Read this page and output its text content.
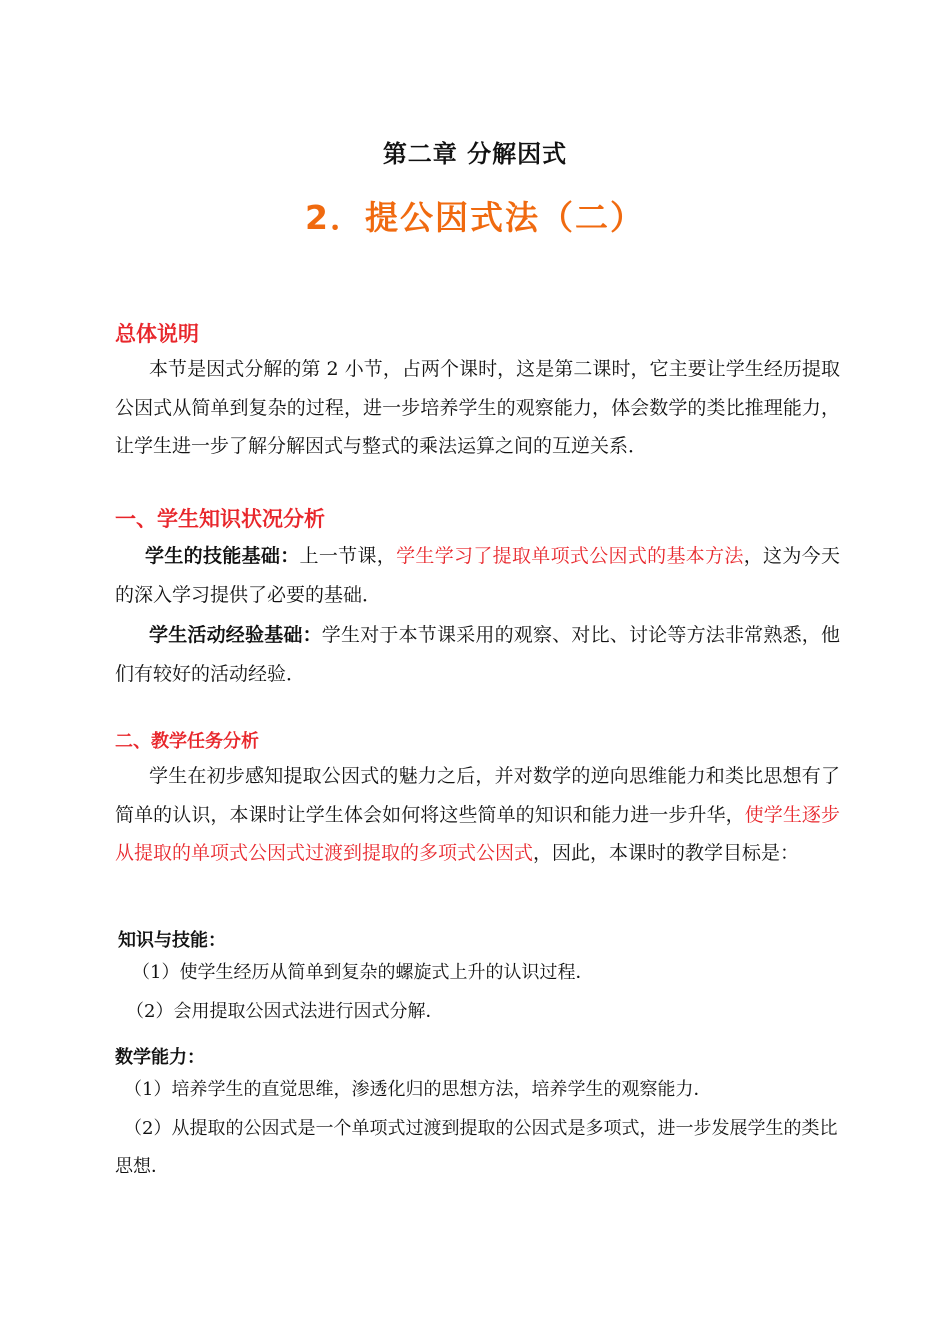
第二章 分解因式
2．提公因式法（二）
总体说明
本节是因式分解的第 2 小节，占两个课时，这是第二课时，它主要让学生经历提取公因式从简单到复杂的过程，进一步培养学生的观察能力，体会数学的类比推理能力，让学生进一步了解分解因式与整式的乘法运算之间的互逆关系．
一、学生知识状况分析
学生的技能基础：上一节课，学生学习了提取单项式公因式的基本方法，这为今天的深入学习提供了必要的基础．
学生活动经验基础：学生对于本节课采用的观察、对比、讨论等方法非常熟悉，他们有较好的活动经验．
二、教学任务分析
学生在初步感知提取公因式的魅力之后，并对数学的逆向思维能力和类比思想有了简单的认识，本课时让学生体会如何将这些简单的知识和能力进一步升华，使学生逐步从提取的单项式公因式过渡到提取的多项式公因式，因此，本课时的教学目标是：
知识与技能：
（1）使学生经历从简单到复杂的螺旋式上升的认识过程．
（2）会用提取公因式法进行因式分解．
数学能力：
（1）培养学生的直觉思维，渗透化归的思想方法，培养学生的观察能力．
（2）从提取的公因式是一个单项式过渡到提取的公因式是多项式，进一步发展学生的类比思想．
